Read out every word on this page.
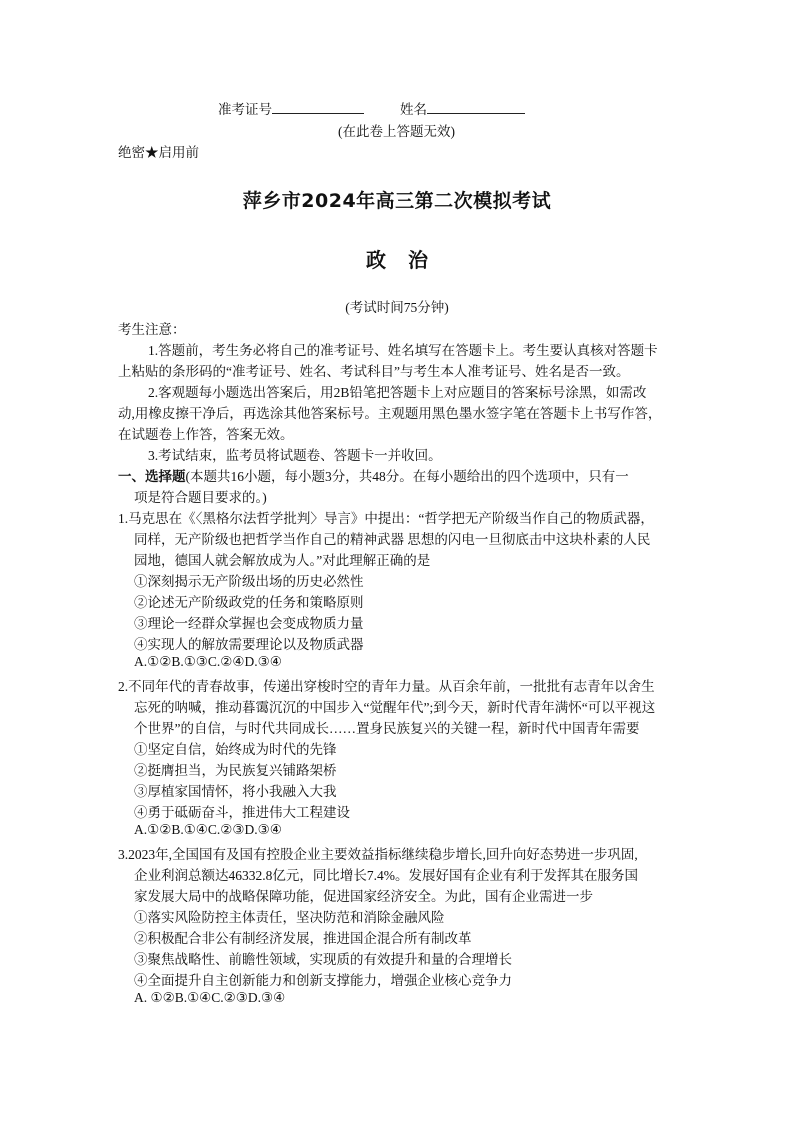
准考证号	姓名
(在此卷上答题无效)
绝密★启用前
萍乡市2024年高三第二次模拟考试
政治
(考试时间75分钟)
考生注意：
1.答题前，考生务必将自己的准考证号、姓名填写在答题卡上。考生要认真核对答题卡
上粘贴的条形码的“准考证号、姓名、考试科目”与考生本人准考证号、姓名是否一致。
2.客观题每小题选出答案后，用2B铅笔把答题卡上对应题目的答案标号涂黑，如需改
动,用橡皮擦干净后，再选涂其他答案标号。主观题用黑色墨水签字笔在答题卡上书写作答，
在试题卷上作答，答案无效。
3.考试结束，监考员将试题卷、答题卡一并收回。
一、选择题(本题共16小题，每小题3分，共48分。在每小题给出的四个选项中，只有一
项是符合题目要求的。)
1.马克思在《〈黑格尔法哲学批判〉导言》中提出：“哲学把无产阶级当作自己的物质武器，
同样，无产阶级也把哲学当作自己的精神武器 思想的闪电一旦彻底击中这块朴素的人民
园地，德国人就会解放成为人。”对此理解正确的是
①深刻揭示无产阶级出场的历史必然性
②论述无产阶级政党的任务和策略原则
③理论一经群众掌握也会变成物质力量
④实现人的解放需要理论以及物质武器
A.①②B.①③C.②④D.③④
2.不同年代的青春故事，传递出穿梭时空的青年力量。从百余年前，一批批有志青年以舍生
忘死的呐喊，推动暮霭沉沉的中国步入“觉醒年代”;到今天，新时代青年满怀“可以平视这
个世界”的自信，与时代共同成长……置身民族复兴的关键一程，新时代中国青年需要
①坚定自信，始终成为时代的先锋
②挺膺担当，为民族复兴铺路架桥
③厚植家国情怀，将小我融入大我
④勇于砥砺奋斗，推进伟大工程建设
A.①②B.①④C.②③D.③④
3.2023年,全国国有及国有控股企业主要效益指标继续稳步增长,回升向好态势进一步巩固,
企业利润总额达46332.8亿元，同比增长7.4%。发展好国有企业有利于发挥其在服务国
家发展大局中的战略保障功能，促进国家经济安全。为此，国有企业需进一步
①落实风险防控主体责任，坚决防范和消除金融风险
②积极配合非公有制经济发展，推进国企混合所有制改革
③聚焦战略性、前瞻性领域，实现质的有效提升和量的合理增长
④全面提升自主创新能力和创新支撑能力，增强企业核心竞争力
A. ①②B.①④C.②③D.③④
